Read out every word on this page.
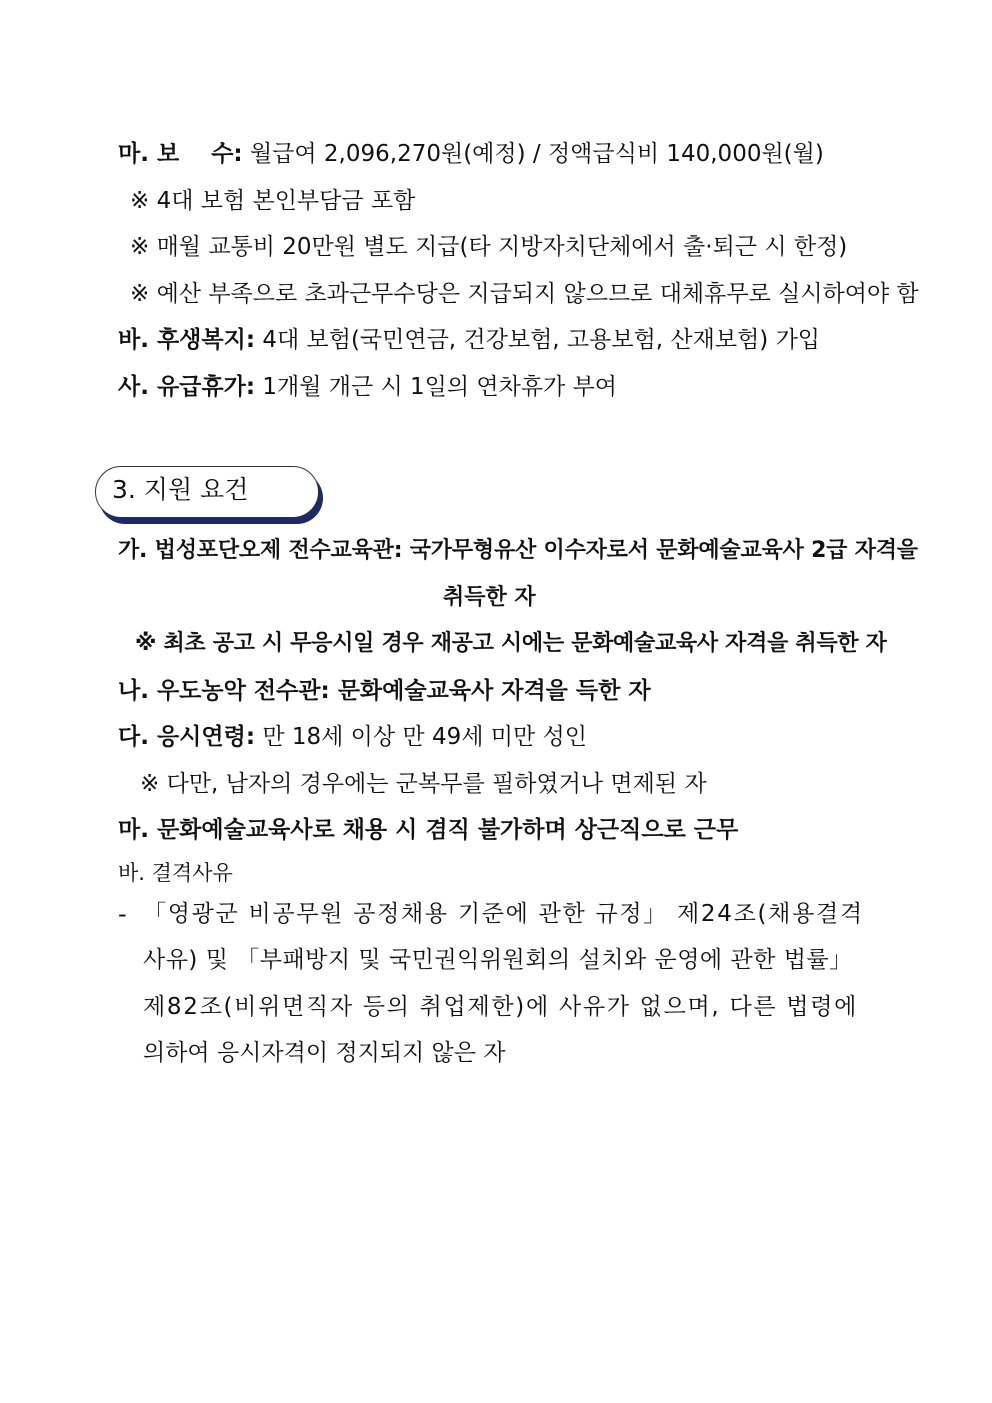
마. 보    수: 월급여 2,096,270원(예정) / 정액급식비 140,000원(월)
※ 4대 보험 본인부담금 포함
※ 매월 교통비 20만원 별도 지급(타 지방자치단체에서 출·퇴근 시 한정)
※ 예산 부족으로 초과근무수당은 지급되지 않으므로 대체휴무로 실시하여야 함
바. 후생복지: 4대 보험(국민연금, 건강보험, 고용보험, 산재보험) 가입
사. 유급휴가: 1개월 개근 시 1일의 연차휴가 부여
3. 지원 요건
가. 법성포단오제 전수교육관: 국가무형유산 이수자로서 문화예술교육사 2급 자격을
취득한 자
※ 최초 공고 시 무응시일 경우 재공고 시에는 문화예술교육사 자격을 취득한 자
나. 우도농악 전수관: 문화예술교육사 자격을 득한 자
다. 응시연령: 만 18세 이상 만 49세 미만 성인
※ 다만, 남자의 경우에는 군복무를 필하였거나 면제된 자
마. 문화예술교육사로 채용 시 겸직 불가하며 상근직으로 근무
바. 결격사유
- 「영광군 비공무원 공정채용 기준에 관한 규정」 제24조(채용결격
사유) 및 「부패방지 및 국민권익위원회의 설치와 운영에 관한 법률」
제82조(비위면직자 등의 취업제한)에 사유가 없으며, 다른 법령에
의하여 응시자격이 정지되지 않은 자
